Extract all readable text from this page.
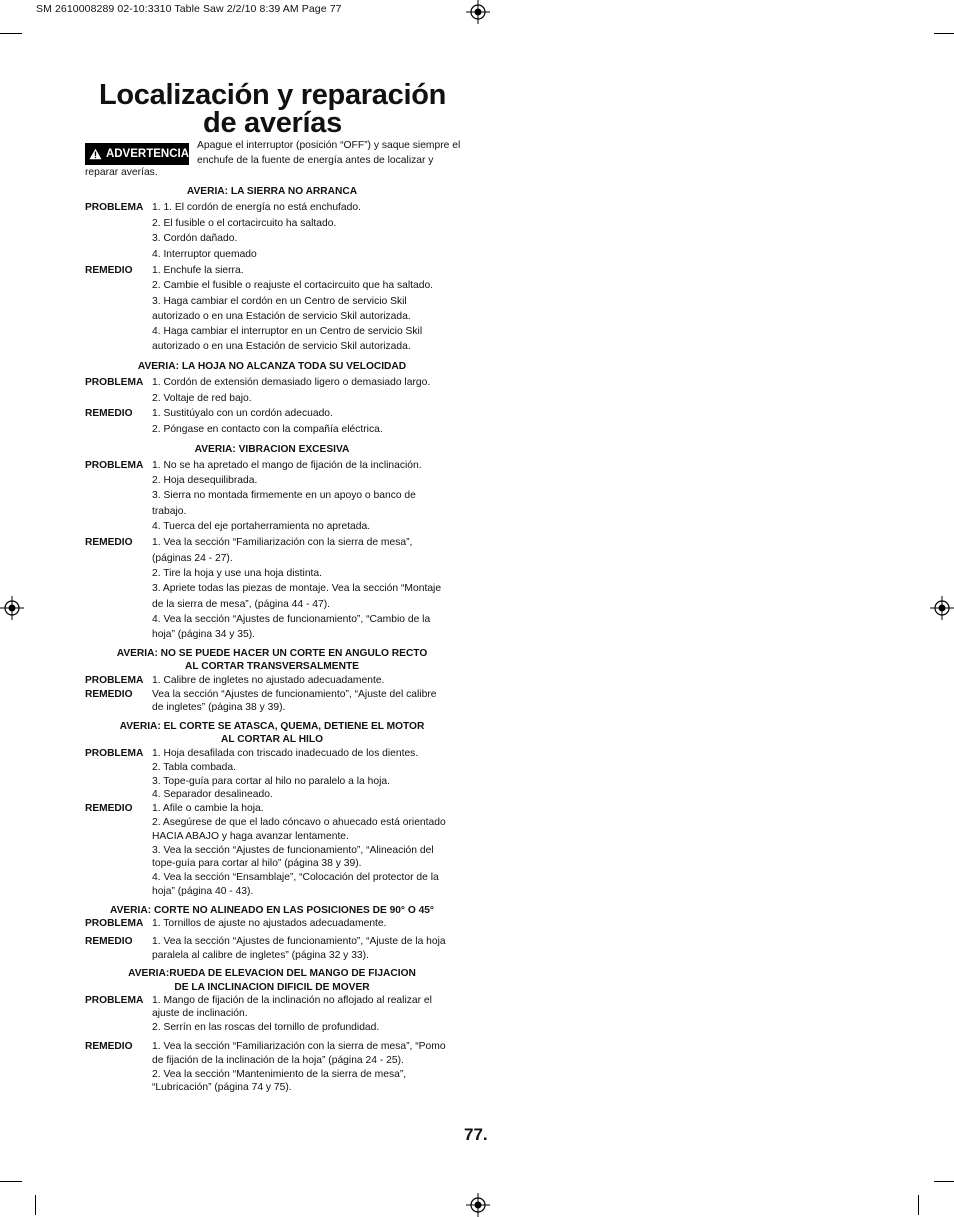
SM 2610008289 02-10:3310 Table Saw 2/2/10 8:39 AM Page 77
Localización y reparación
de averías
ADVERTENCIA
Apague el interruptor (posición “OFF”) y saque siempre el enchufe de la fuente de energía antes de localizar y
reparar averías.
AVERIA: LA SIERRA NO ARRANCA
AVERIA: LA HOJA NO ALCANZA TODA SU VELOCIDAD
AVERIA: VIBRACION EXCESIVA
AVERIA: NO SE PUEDE HACER UN CORTE EN ANGULO RECTO
AL CORTAR TRANSVERSALMENTE
AVERIA: EL CORTE SE ATASCA, QUEMA, DETIENE EL MOTOR
AL CORTAR AL HILO
AVERIA: CORTE NO ALINEADO EN LAS POSICIONES DE 90° O 45°
AVERIA:RUEDA DE ELEVACION DEL MANGO DE FIJACION
DE LA INCLINACION DIFICIL DE MOVER
PROBLEMA
REMEDIO
PROBLEMA
REMEDIO
PROBLEMA
REMEDIO
PROBLEMA
REMEDIO
PROBLEMA
REMEDIO
PROBLEMA
REMEDIO
PROBLEMA
REMEDIO
1. 1. El cordón de energía no está enchufado.
2. El fusible o el cortacircuito ha saltado.
3. Cordón dañado.
4. Interruptor quemado
1. Enchufe la sierra.
2. Cambie el fusible o reajuste el cortacircuito que ha saltado.
3. Haga cambiar el cordón en un Centro de servicio Skil
autorizado o en una Estación de servicio Skil autorizada.
4. Haga cambiar el interruptor en un Centro de servicio Skil
autorizado o en una Estación de servicio Skil autorizada.
1. Cordón de extensión demasiado ligero o demasiado largo.
2. Voltaje de red bajo.
1. Sustitúyalo con un cordón adecuado.
2. Póngase en contacto con la compañía eléctrica.
1. No se ha apretado el mango de fijación de la inclinación.
2. Hoja desequilibrada.
3. Sierra no montada firmemente en un apoyo o banco de
trabajo.
4. Tuerca del eje portaherramienta no apretada.
1. Vea la sección “Familiarización con la sierra de mesa”,
(páginas 24 - 27).
2. Tire la hoja y use una hoja distinta.
3. Apriete todas las piezas de montaje. Vea la sección “Montaje
de la sierra de mesa”, (página 44 - 47).
4. Vea la sección “Ajustes de funcionamiento”, “Cambio de la
hoja” (página 34 y 35).
1. Calibre de ingletes no ajustado adecuadamente.
Vea la sección “Ajustes de funcionamiento”, “Ajuste del calibre
de ingletes” (página 38 y 39).
1. Hoja desafilada con triscado inadecuado de los dientes.
2. Tabla combada.
3. Tope-guía para cortar al hilo no paralelo a la hoja.
4. Separador desalineado.
1. Afile o cambie la hoja.
2. Asegúrese de que el lado cóncavo o ahuecado está orientado
HACIA ABAJO y haga avanzar lentamente.
3. Vea la sección “Ajustes de funcionamiento”, “Alineación del
tope-guía para cortar al hilo” (página 38 y 39).
4. Vea la sección “Ensamblaje”, “Colocación del protector de la
hoja” (página 40 - 43).
1. Tornillos de ajuste no ajustados adecuadamente.
1. Vea la sección “Ajustes de funcionamiento”, “Ajuste de la hoja
paralela al calibre de ingletes” (página 32 y 33).
1. Mango de fijación de la inclinación no aflojado al realizar el
ajuste de inclinación.
2. Serrín en las roscas del tornillo de profundidad.
1. Vea la sección “Familiarización con la sierra de mesa”, “Pomo
de fijación de la inclinación de la hoja” (página 24 - 25).
2. Vea la sección “Mantenimiento de la sierra de mesa”,
“Lubricación” (página 74 y 75).
77.
